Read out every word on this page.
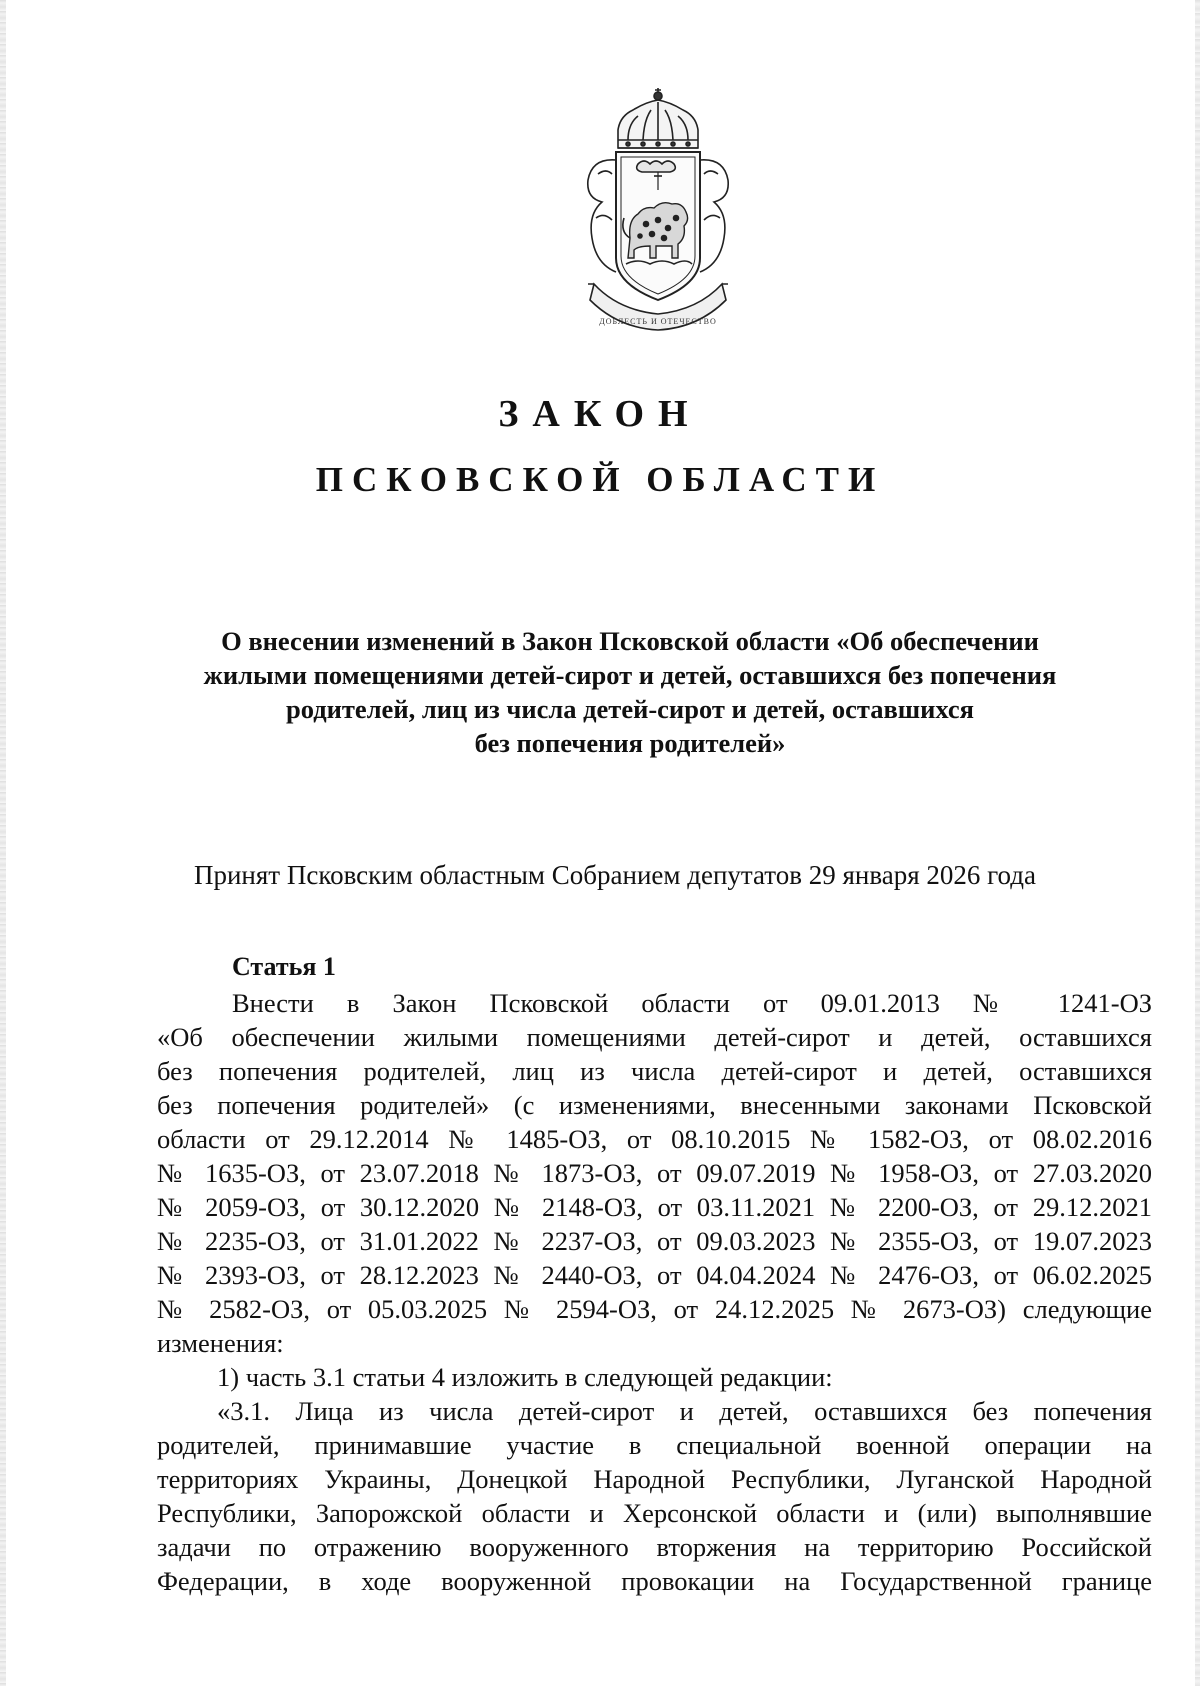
ДОБЛЕСТЬ И ОТЕЧЕСТВО
ЗАКОН
ПСКОВСКОЙ ОБЛАСТИ
О внесении изменений в Закон Псковской области «Об обеспечении
жилыми помещениями детей-сирот и детей, оставшихся без попечения
родителей, лиц из числа детей-сирот и детей, оставшихся
без попечения родителей»
Принят Псковским областным Собранием депутатов 29 января 2026 года
Статья 1
Внести в Закон Псковской области от 09.01.2013 № 1241-ОЗ
«Об обеспечении жилыми помещениями детей-сирот и детей, оставшихся
без попечения родителей, лиц из числа детей-сирот и детей, оставшихся
без попечения родителей» (с изменениями, внесенными законами Псковской
области от 29.12.2014 № 1485-ОЗ, от 08.10.2015 № 1582-ОЗ, от 08.02.2016
№ 1635-ОЗ, от 23.07.2018 № 1873-ОЗ, от 09.07.2019 № 1958-ОЗ, от 27.03.2020
№ 2059-ОЗ, от 30.12.2020 № 2148-ОЗ, от 03.11.2021 № 2200-ОЗ, от 29.12.2021
№ 2235-ОЗ, от 31.01.2022 № 2237-ОЗ, от 09.03.2023 № 2355-ОЗ, от 19.07.2023
№ 2393-ОЗ, от 28.12.2023 № 2440-ОЗ, от 04.04.2024 № 2476-ОЗ, от 06.02.2025
№ 2582-ОЗ, от 05.03.2025 № 2594-ОЗ, от 24.12.2025 № 2673-ОЗ) следующие
изменения:
1) часть 3.1 статьи 4 изложить в следующей редакции:
«3.1. Лица из числа детей-сирот и детей, оставшихся без попечения
родителей, принимавшие участие в специальной военной операции на
территориях Украины, Донецкой Народной Республики, Луганской Народной
Республики, Запорожской области и Херсонской области и (или) выполнявшие
задачи по отражению вооруженного вторжения на территорию Российской
Федерации, в ходе вооруженной провокации на Государственной границе
